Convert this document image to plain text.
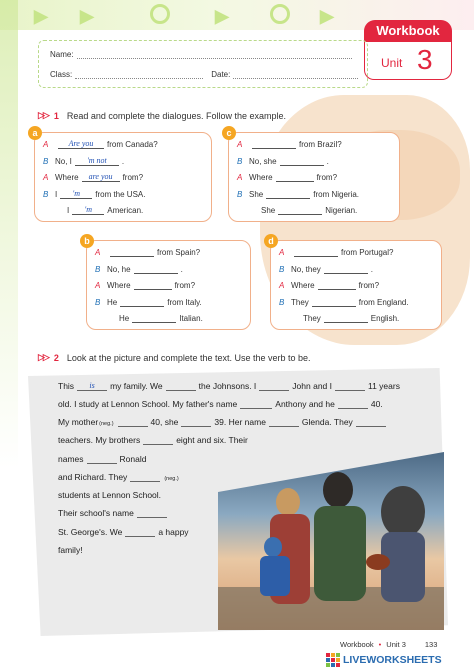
▶ ▶	▶	▶
Workbook
Unit 3
Name:
Class:	Date:
▷▷ 1 Read and complete the dialogues. Follow the example.
a
A	Are you	from Canada?
B No, I	'm not	.
A Where	are you	from?
B I	'm	from the USA.
I	'm	American.
c
A	from Brazil?
B No, she	.
A Where	from?
B She	from Nigeria.
She	Nigerian.
b
A	from Spain?
B No, he	.
A Where	from?
B He	from Italy.
He	Italian.
d
A	from Portugal?
B No, they	.
A Where	from?
B They	from England.
They	English.
▷▷ 2 Look at the picture and complete the text. Use the verb to be.
This	is	my family. We	the Johnsons. I	John and I	11 years
old. I study at Lennon School. My father's name	Anthony and he	40.
My mother (neg.)	40, she	39. Her name	Glenda. They
teachers. My brothers	eight and six. Their
names	Ronald
and Richard. They	(neg.)
students at Lennon School.
Their school's name
St. George's. We	a happy
family!
Workbook • Unit 3	133
LIVEWORKSHEETS
